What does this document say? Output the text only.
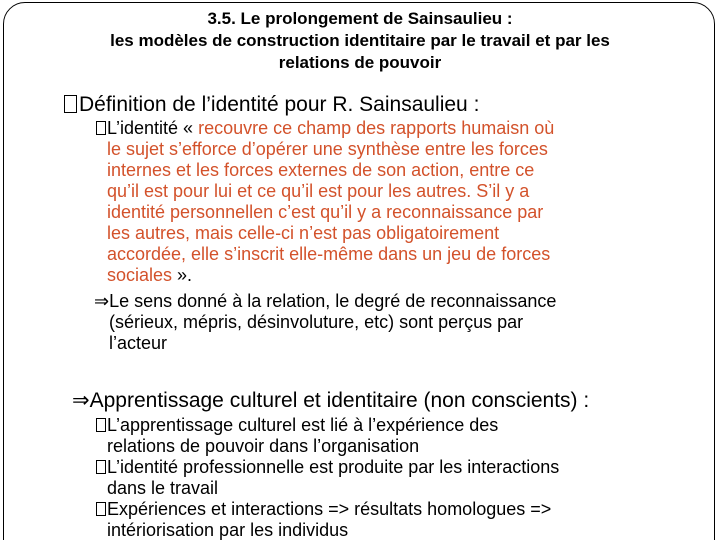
3.5. Le prolongement de Sainsaulieu :
les modèles de construction identitaire par le travail et par les
relations de pouvoir
Définition de l’identité pour R. Sainsaulieu :
L’identité « recouvre ce champ des rapports humaisn où
le sujet s’efforce d’opérer une synthèse entre les forces
internes et les forces externes de son action, entre ce
qu’il est pour lui et ce qu’il est pour les autres. S’il y a
identité personnellen c’est qu’il y a reconnaissance par
les autres, mais celle-ci n’est pas obligatoirement
accordée, elle s’inscrit elle-même dans un jeu de forces
sociales ».
⇒Le sens donné à la relation, le degré de reconnaissance
(sérieux, mépris, désinvoluture, etc) sont perçus par
l’acteur
⇒Apprentissage culturel et identitaire (non conscients) :
L’apprentissage culturel est lié à l’expérience des
relations de pouvoir dans l’organisation
L’identité professionnelle est produite par les interactions
dans le travail
Expériences et interactions => résultats homologues =>
intériorisation par les individus
